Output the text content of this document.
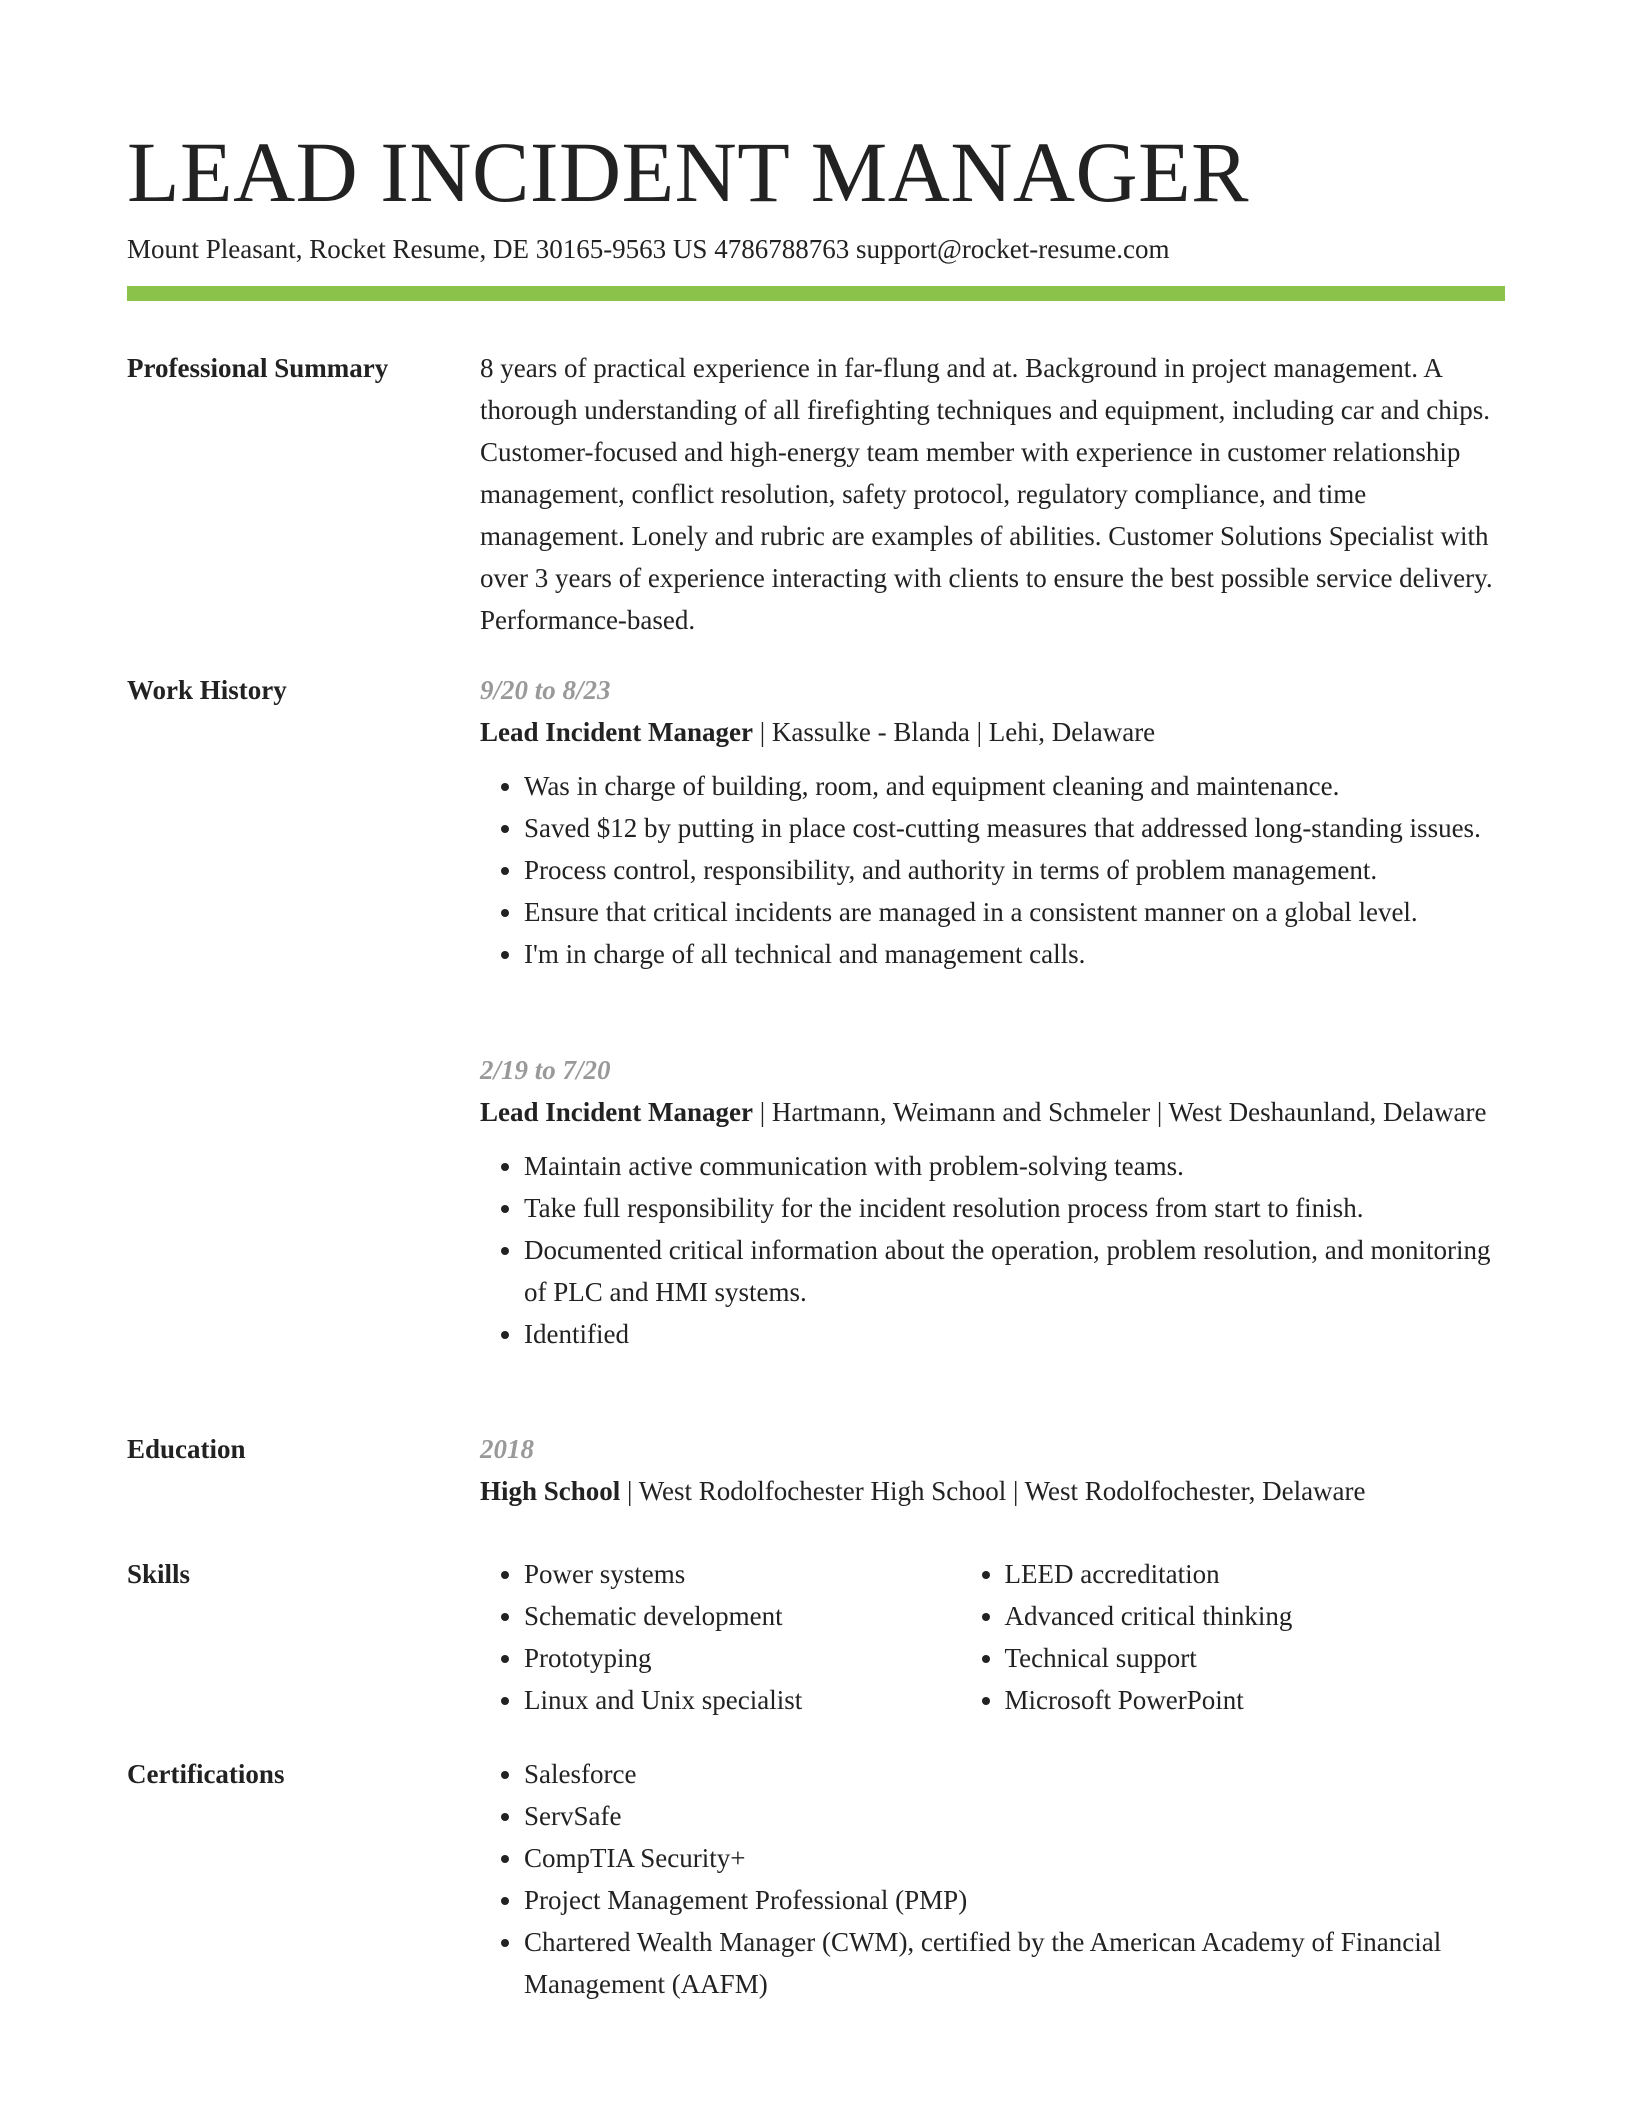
LEAD INCIDENT MANAGER
Mount Pleasant, Rocket Resume, DE 30165-9563 US 4786788763 support@rocket-resume.com
Professional Summary	8 years of practical experience in far-flung and at. Background in project management. A thorough understanding of all firefighting techniques and equipment, including car and chips. Customer-focused and high-energy team member with experience in customer relationship management, conflict resolution, safety protocol, regulatory compliance, and time management. Lonely and rubric are examples of abilities. Customer Solutions Specialist with over 3 years of experience interacting with clients to ensure the best possible service delivery. Performance-based.

Work History	9/20 to 8/23

Lead Incident Manager | Kassulke - Blanda | Lehi, Delaware

• Was in charge of building, room, and equipment cleaning and maintenance.
• Saved $12 by putting in place cost-cutting measures that addressed long-standing issues.
• Process control, responsibility, and authority in terms of problem management.
• Ensure that critical incidents are managed in a consistent manner on a global level.
• I'm in charge of all technical and management calls.
2/19 to 7/20

Lead Incident Manager | Hartmann, Weimann and Schmeler | West Deshaunland, Delaware

• Maintain active communication with problem-solving teams.
• Take full responsibility for the incident resolution process from start to finish.
• Documented critical information about the operation, problem resolution, and monitoring of PLC and HMI systems.
• Identified
Education	2018

High School | West Rodolfochester High School | West Rodolfochester, Delaware

Skills	• Power systems
• Schematic development
• Prototyping
• Linux and Unix specialist
• LEED accreditation
• Advanced critical thinking
• Technical support
• Microsoft PowerPoint
Certifications	• Salesforce
• ServSafe
• CompTIA Security+
• Project Management Professional (PMP)
• Chartered Wealth Manager (CWM), certified by the American Academy of Financial Management (AAFM)
